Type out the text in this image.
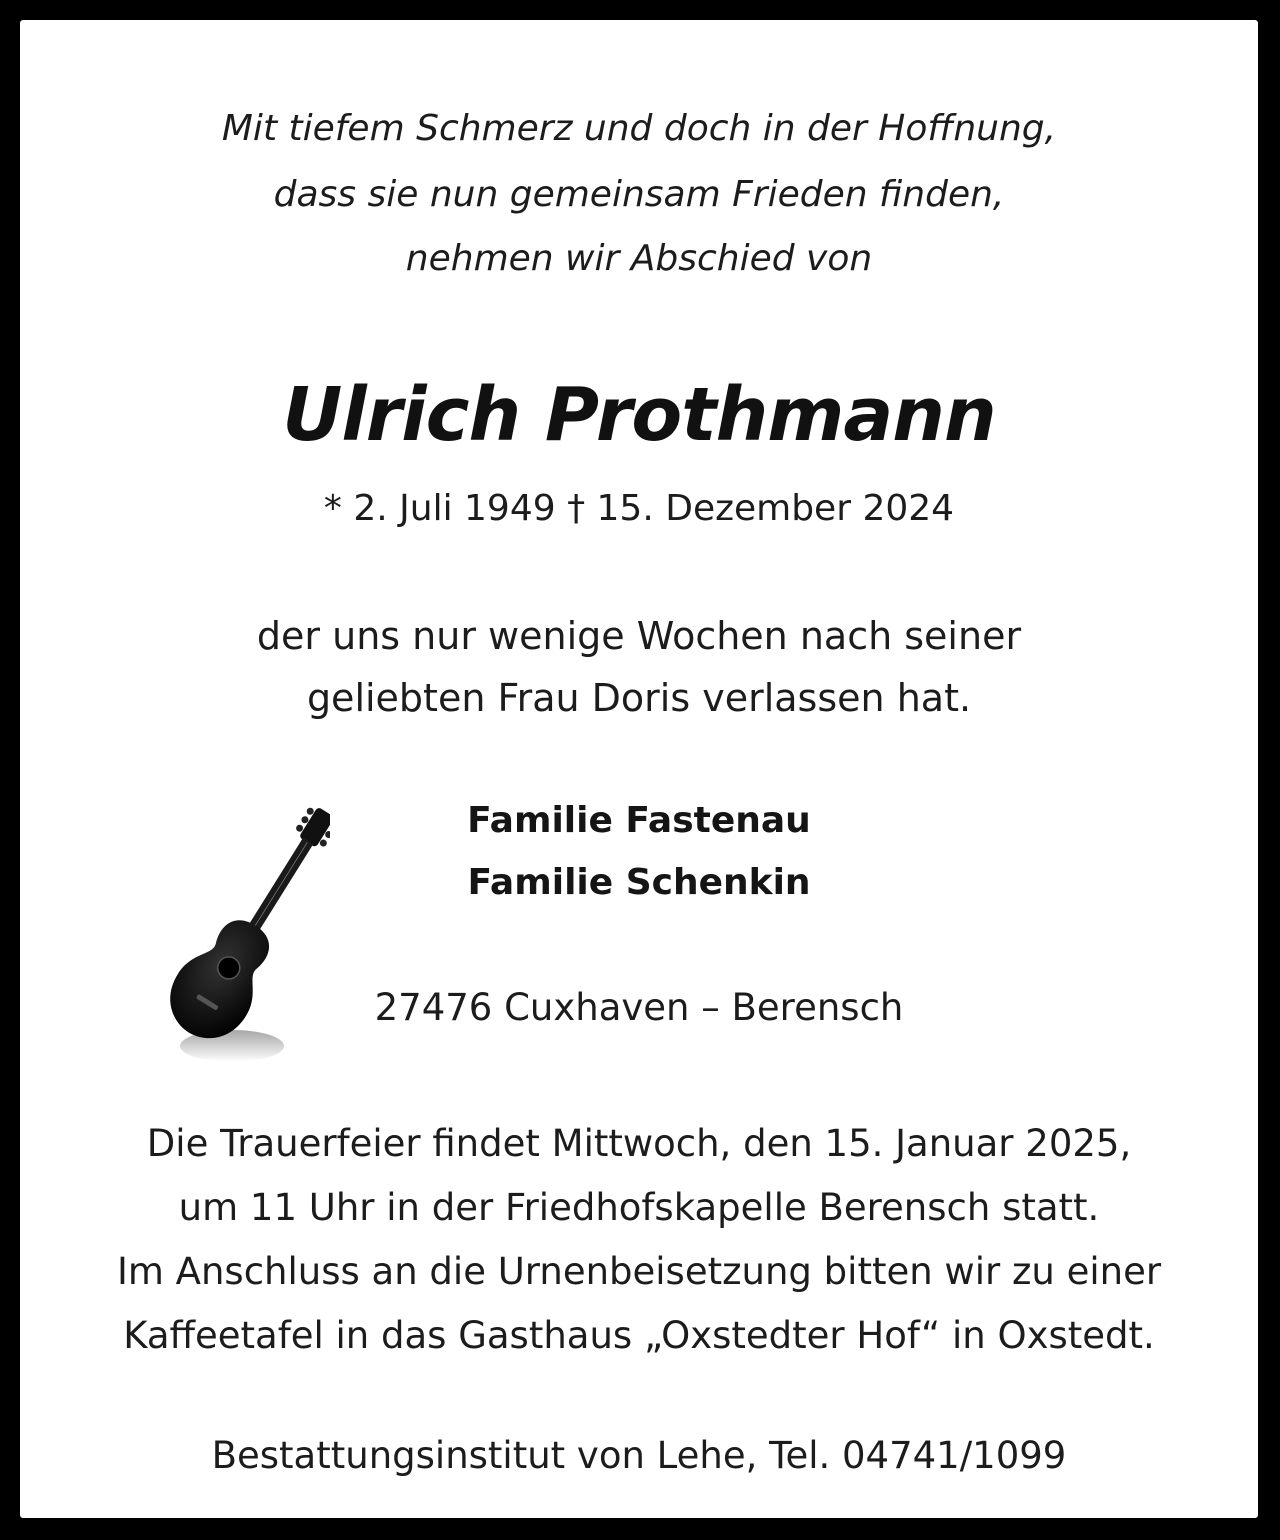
Mit tiefem Schmerz und doch in der Hoffnung,
dass sie nun gemeinsam Frieden finden,
nehmen wir Abschied von
Ulrich Prothmann
* 2. Juli 1949 † 15. Dezember 2024
der uns nur wenige Wochen nach seiner
geliebten Frau Doris verlassen hat.
Familie Fastenau
Familie Schenkin
27476 Cuxhaven – Berensch
Die Trauerfeier findet Mittwoch, den 15. Januar 2025,
um 11 Uhr in der Friedhofskapelle Berensch statt.
Im Anschluss an die Urnenbeisetzung bitten wir zu einer
Kaffeetafel in das Gasthaus „Oxstedter Hof“ in Oxstedt.
Bestattungsinstitut von Lehe, Tel. 04741/1099
